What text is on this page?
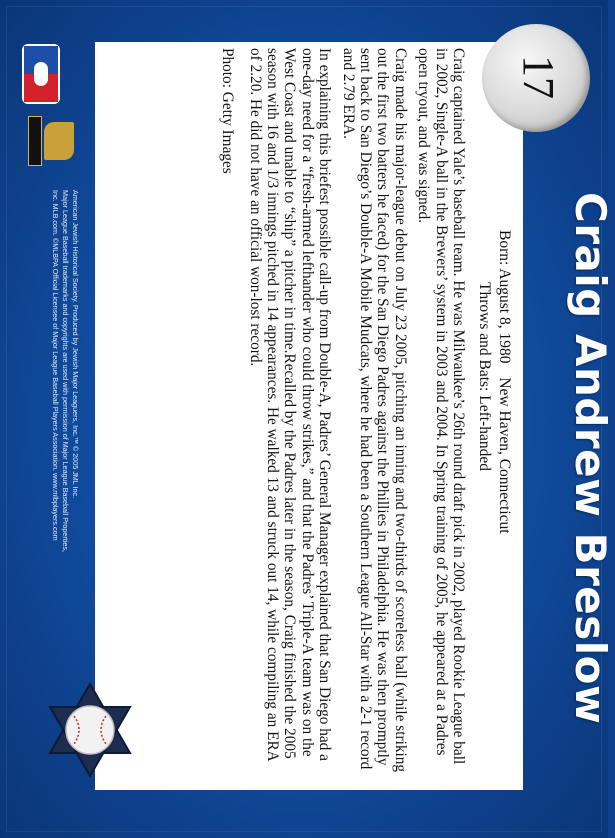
Craig Andrew Breslow
Born: August 8, 1980 New Haven, Connecticut
Throws and Bats: Left-handed

Craig captained Yale’s baseball team. He was Milwaukee’s 26th round draft pick in 2002, played Rookie League ball in 2002, Single-A ball in the Brewers’ system in 2003 and 2004. In Spring training of 2005, he appeared at a Padres open tryout, and was signed.

Craig made his major-league debut on July 23 2005, pitching an inning and two-thirds of scoreless ball (while striking out the first two batters he faced) for the San Diego Padres against the Phillies in Philadelphia. He was then promptly sent back to San Diego’s Double-A Mobile Mudcats, where he had been a Southern League All-Star with a 2-1 record and 2.79 ERA.

In explaining this briefest possible call-up from Double-A, Padres’ General Manager explained that San Diego had a one-day need for a “fresh-armed lefthander who could throw strikes,” and that the Padres’ Triple-A team was on the West Coast and unable to “ship” a pitcher in time.Recalled by the Padres later in the season, Craig finished the 2005 season with 16 and 1/3 innings pitched in 14 appearances. He walked 13 and struck out 14, while compiling an ERA of 2.20. He did not have an official won-lost record.

Photo: Getty Images	17
American Jewish Historical Society. Produced by Jewish Major Leaguers, Inc.™ © 2005 JML Inc.
Major League Baseball trademarks and copyrights are used with permission of Major League Baseball Properties,
Inc. MLB.com. ©MLBPA Official Licensee of Major League Baseball Players Association. www.mlbplayers.com
